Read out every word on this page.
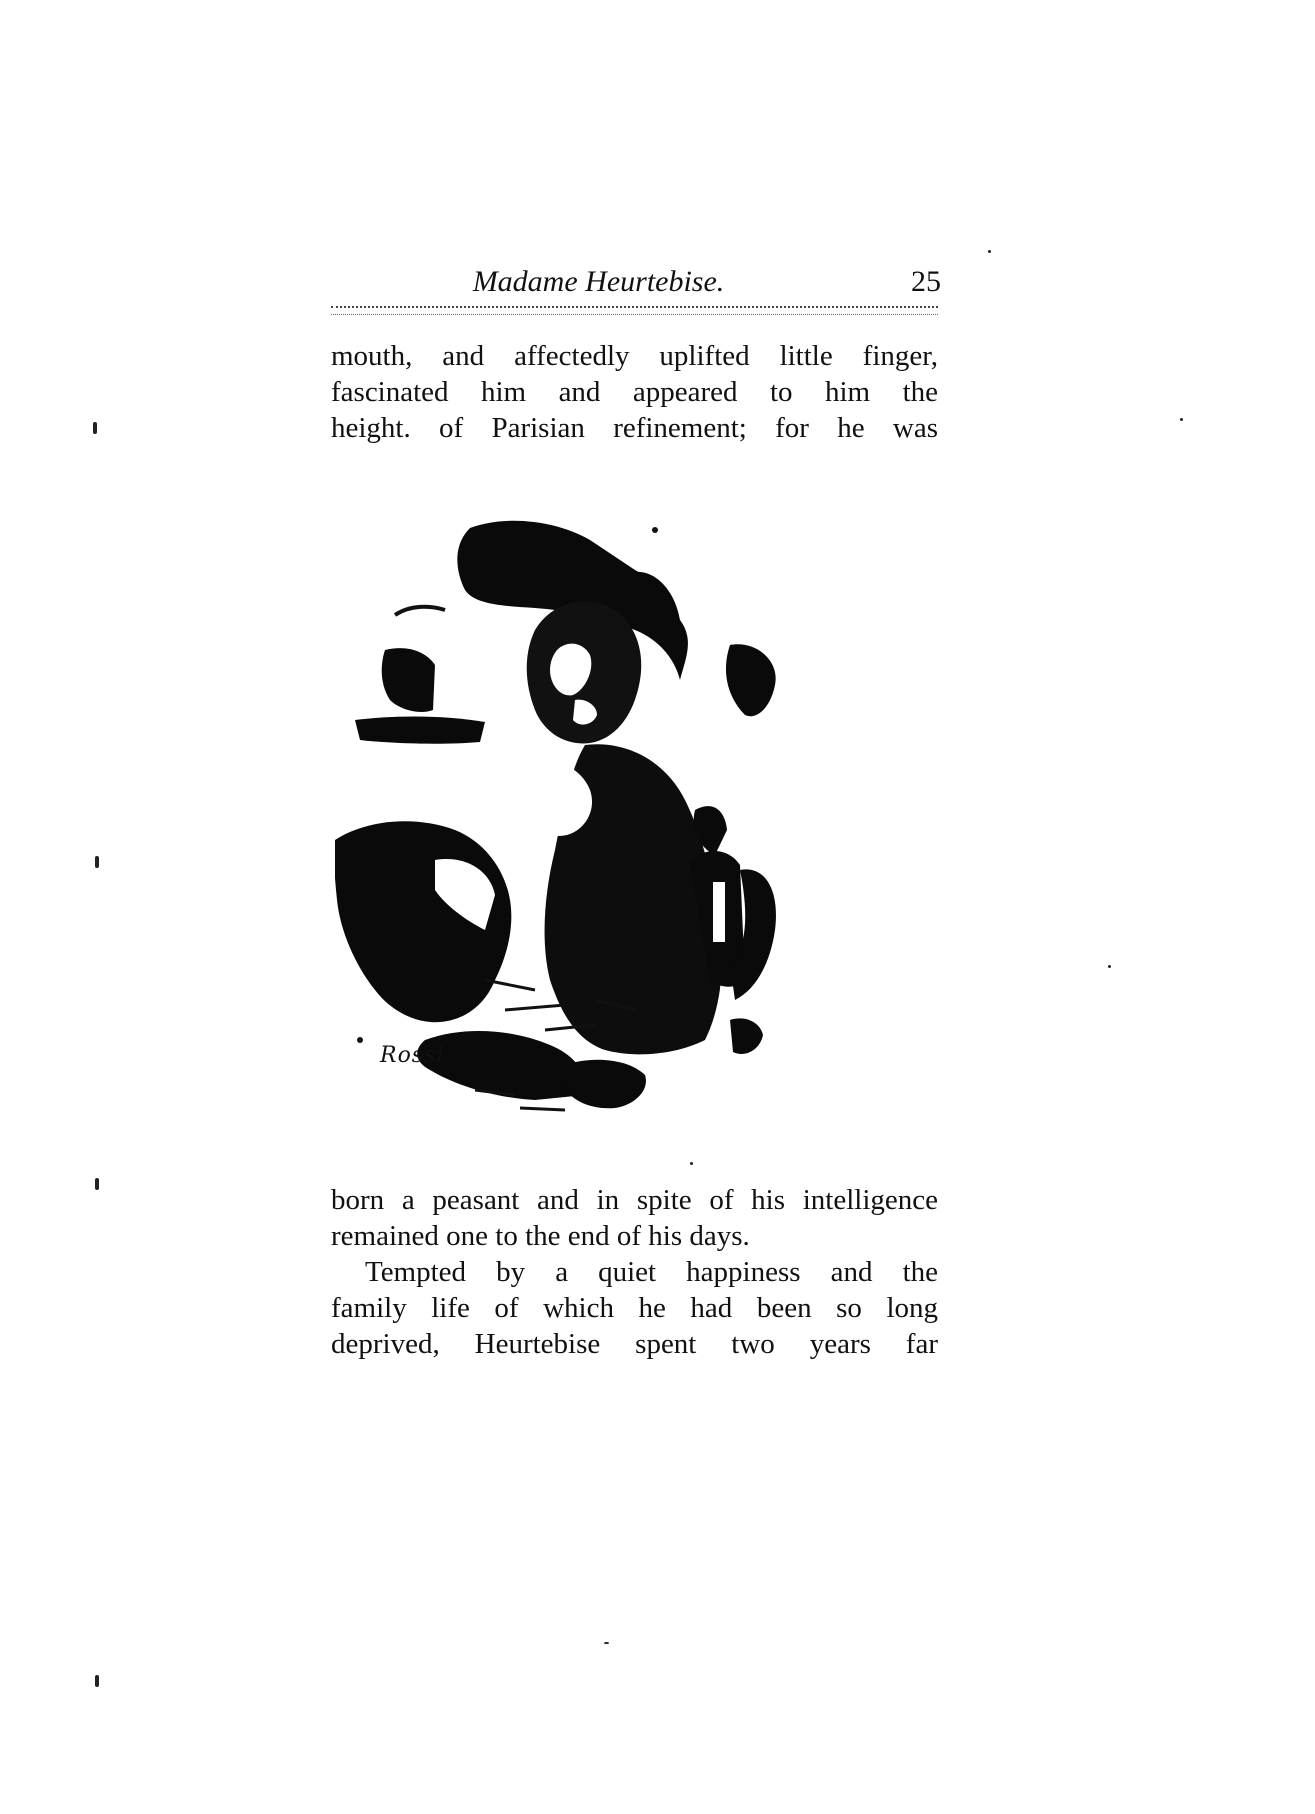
Madame Heurtebise.	25
mouth, and affectedly uplifted little finger,
fascinated him and appeared to him the
height. of Parisian refinement; for he was
Rossi
born a peasant and in spite of his intelligence
remained one to the end of his days.
Tempted by a quiet happiness and the
family life of which he had been so long
deprived, Heurtebise spent two years far
